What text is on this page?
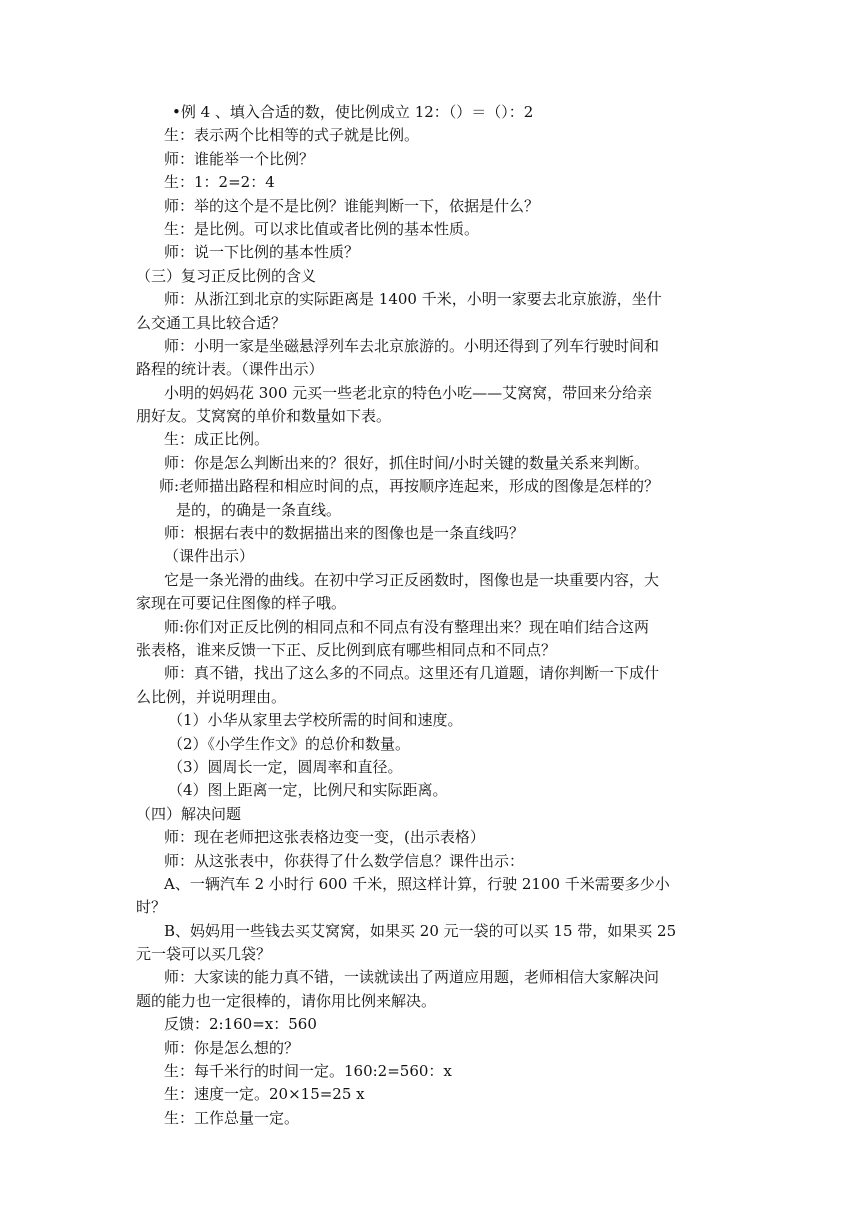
•例 4 、填入合适的数，使比例成立 12：（）＝（）：2

生：表示两个比相等的式子就是比例。

师：谁能举一个比例？

生：1：2=2：4

师：举的这个是不是比例？谁能判断一下，依据是什么？

生：是比例。可以求比值或者比例的基本性质。

师：说一下比例的基本性质？

（三）复习正反比例的含义

师：从浙江到北京的实际距离是 1400 千米，小明一家要去北京旅游，坐什

么交通工具比较合适？

师：小明一家是坐磁悬浮列车去北京旅游的。小明还得到了列车行驶时间和

路程的统计表。（课件出示）

小明的妈妈花 300 元买一些老北京的特色小吃——艾窝窝，带回来分给亲

朋好友。艾窝窝的单价和数量如下表。

生：成正比例。

师：你是怎么判断出来的？很好，抓住时间/小时关键的数量关系来判断。

师:老师描出路程和相应时间的点，再按顺序连起来，形成的图像是怎样的？

是的，的确是一条直线。

师：根据右表中的数据描出来的图像也是一条直线吗？

（课件出示）

它是一条光滑的曲线。在初中学习正反函数时，图像也是一块重要内容，大

家现在可要记住图像的样子哦。

师:你们对正反比例的相同点和不同点有没有整理出来？现在咱们结合这两

张表格，谁来反馈一下正、反比例到底有哪些相同点和不同点？

师：真不错，找出了这么多的不同点。这里还有几道题，请你判断一下成什

么比例，并说明理由。

（1）小华从家里去学校所需的时间和速度。

（2）《小学生作文》的总价和数量。

（3）圆周长一定，圆周率和直径。

（4）图上距离一定，比例尺和实际距离。

（四）解决问题

师：现在老师把这张表格边变一变，(出示表格）

师：从这张表中，你获得了什么数学信息？课件出示：

A、一辆汽车 2 小时行 600 千米，照这样计算，行驶 2100 千米需要多少小

时？

B、妈妈用一些钱去买艾窝窝，如果买 20 元一袋的可以买 15 带，如果买 25

元一袋可以买几袋？

师：大家读的能力真不错，一读就读出了两道应用题，老师相信大家解决问

题的能力也一定很棒的，请你用比例来解决。

反馈：2:160=x：560

师：你是怎么想的？

生：每千米行的时间一定。160:2=560：x

生：速度一定。20×15=25 x

生：工作总量一定。
